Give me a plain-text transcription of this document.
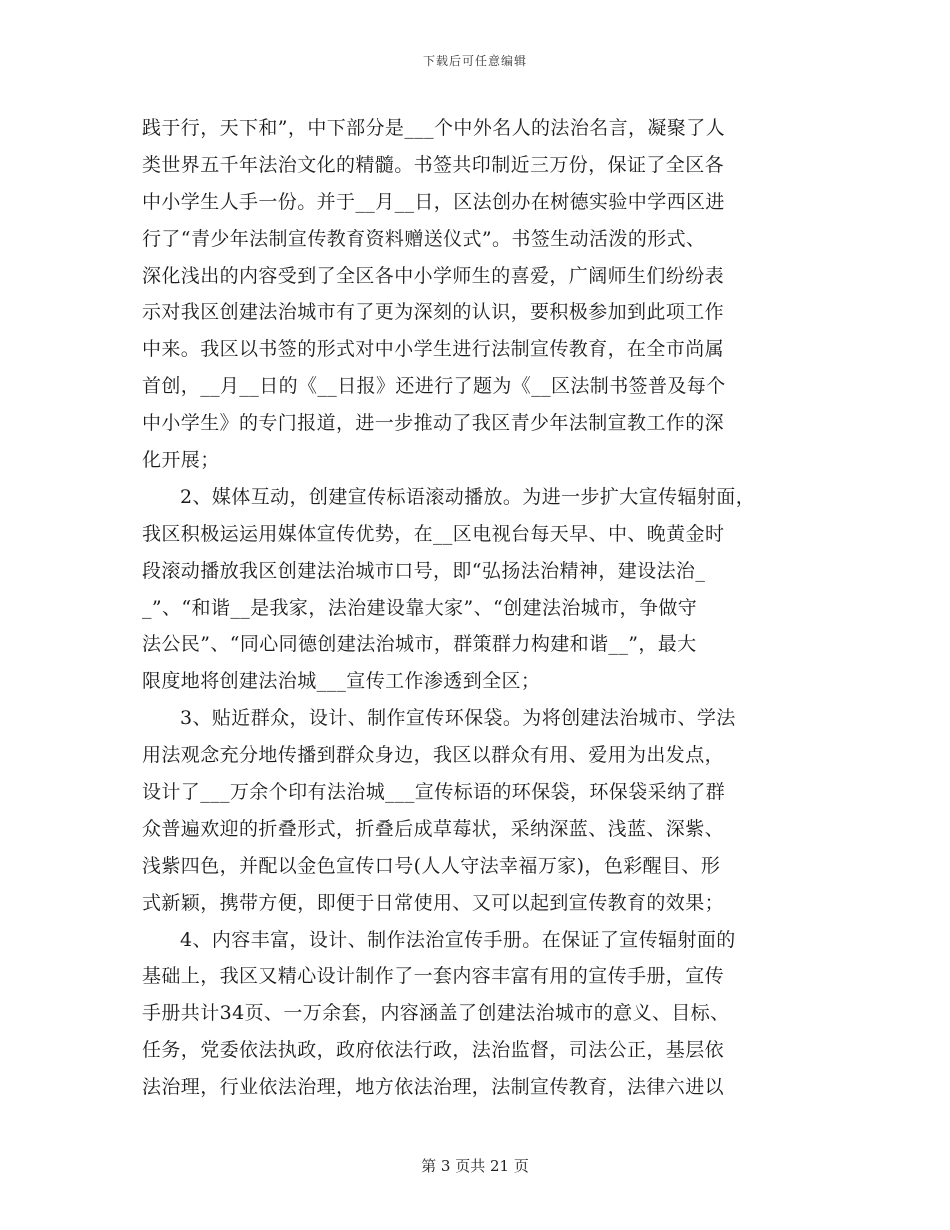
下载后可任意编辑
践于行，天下和”，中下部分是___个中外名人的法治名言，凝聚了人
类世界五千年法治文化的精髓。书签共印制近三万份，保证了全区各
中小学生人手一份。并于__月__日，区法创办在树德实验中学西区进
行了“青少年法制宣传教育资料赠送仪式”。书签生动活泼的形式、
深化浅出的内容受到了全区各中小学师生的喜爱，广阔师生们纷纷表
示对我区创建法治城市有了更为深刻的认识，要积极参加到此项工作
中来。我区以书签的形式对中小学生进行法制宣传教育，在全市尚属
首创，__月__日的《__日报》还进行了题为《__区法制书签普及每个
中小学生》的专门报道，进一步推动了我区青少年法制宣教工作的深
化开展；
2、媒体互动，创建宣传标语滚动播放。为进一步扩大宣传辐射面，
我区积极运运用媒体宣传优势，在__区电视台每天早、中、晚黄金时
段滚动播放我区创建法治城市口号，即“弘扬法治精神，建设法治_
_”、“和谐__是我家，法治建设靠大家”、“创建法治城市，争做守
法公民”、“同心同德创建法治城市，群策群力构建和谐__”，最大
限度地将创建法治城___宣传工作渗透到全区；
3、贴近群众，设计、制作宣传环保袋。为将创建法治城市、学法
用法观念充分地传播到群众身边，我区以群众有用、爱用为出发点，
设计了___万余个印有法治城___宣传标语的环保袋，环保袋采纳了群
众普遍欢迎的折叠形式，折叠后成草莓状，采纳深蓝、浅蓝、深紫、
浅紫四色，并配以金色宣传口号(人人守法幸福万家)，色彩醒目、形
式新颖，携带方便，即便于日常使用、又可以起到宣传教育的效果；
4、内容丰富，设计、制作法治宣传手册。在保证了宣传辐射面的
基础上，我区又精心设计制作了一套内容丰富有用的宣传手册，宣传
手册共计34页、一万余套，内容涵盖了创建法治城市的意义、目标、
任务，党委依法执政，政府依法行政，法治监督，司法公正，基层依
法治理，行业依法治理，地方依法治理，法制宣传教育，法律六进以
第 3 页共 21 页
